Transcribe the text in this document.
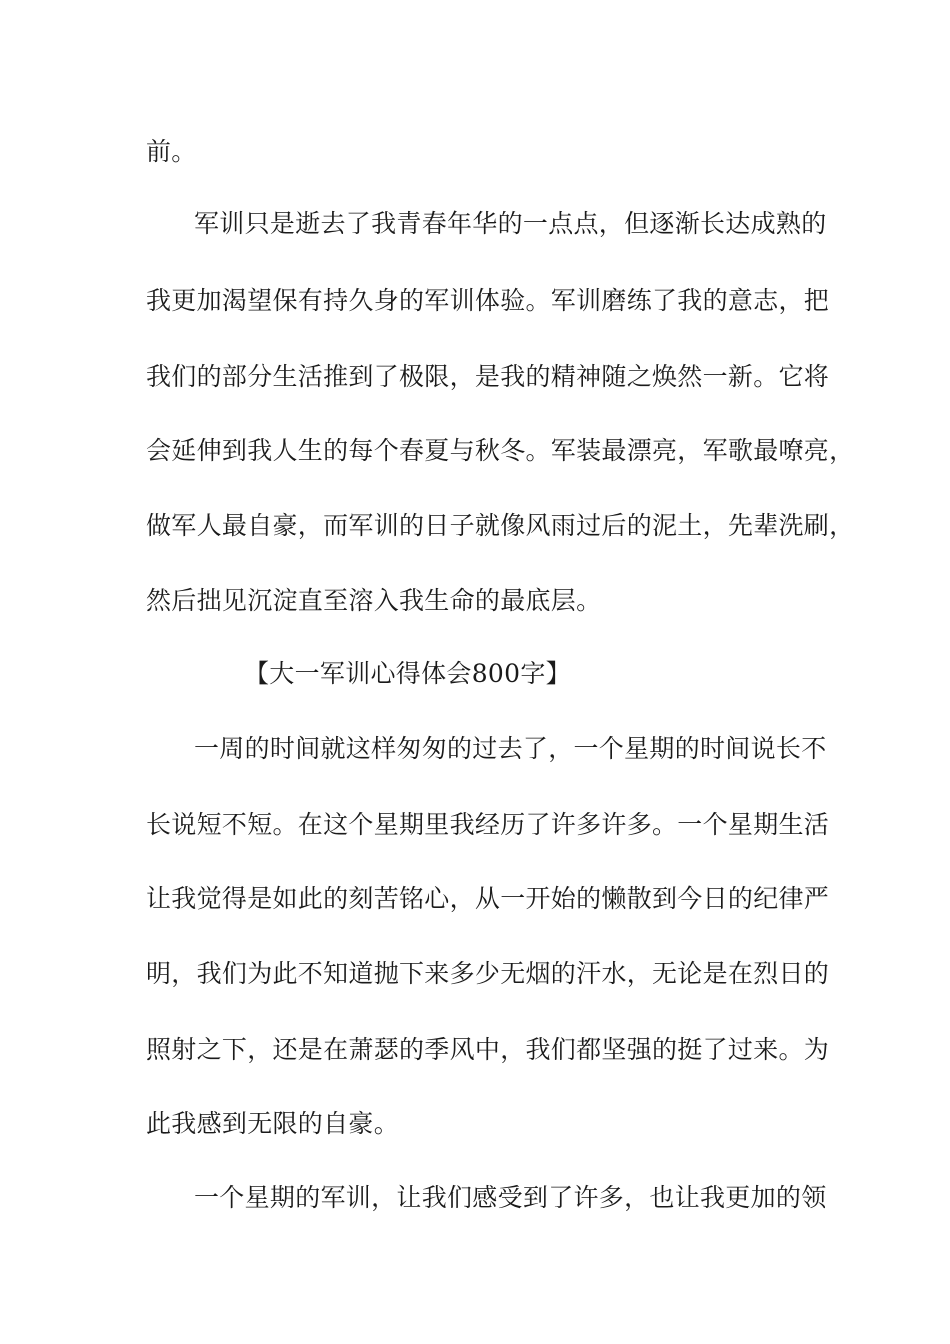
前。
军训只是逝去了我青春年华的一点点，但逐渐长达成熟的
我更加渴望保有持久身的军训体验。军训磨练了我的意志，把
我们的部分生活推到了极限，是我的精神随之焕然一新。它将
会延伸到我人生的每个春夏与秋冬。军装最漂亮，军歌最嘹亮，
做军人最自豪，而军训的日子就像风雨过后的泥土，先辈洗刷，
然后拙见沉淀直至溶入我生命的最底层。
【大一军训心得体会800字】
一周的时间就这样匆匆的过去了，一个星期的时间说长不
长说短不短。在这个星期里我经历了许多许多。一个星期生活
让我觉得是如此的刻苦铭心，从一开始的懒散到今日的纪律严
明，我们为此不知道抛下来多少无烟的汗水，无论是在烈日的
照射之下，还是在萧瑟的季风中，我们都坚强的挺了过来。为
此我感到无限的自豪。
一个星期的军训，让我们感受到了许多，也让我更加的领
